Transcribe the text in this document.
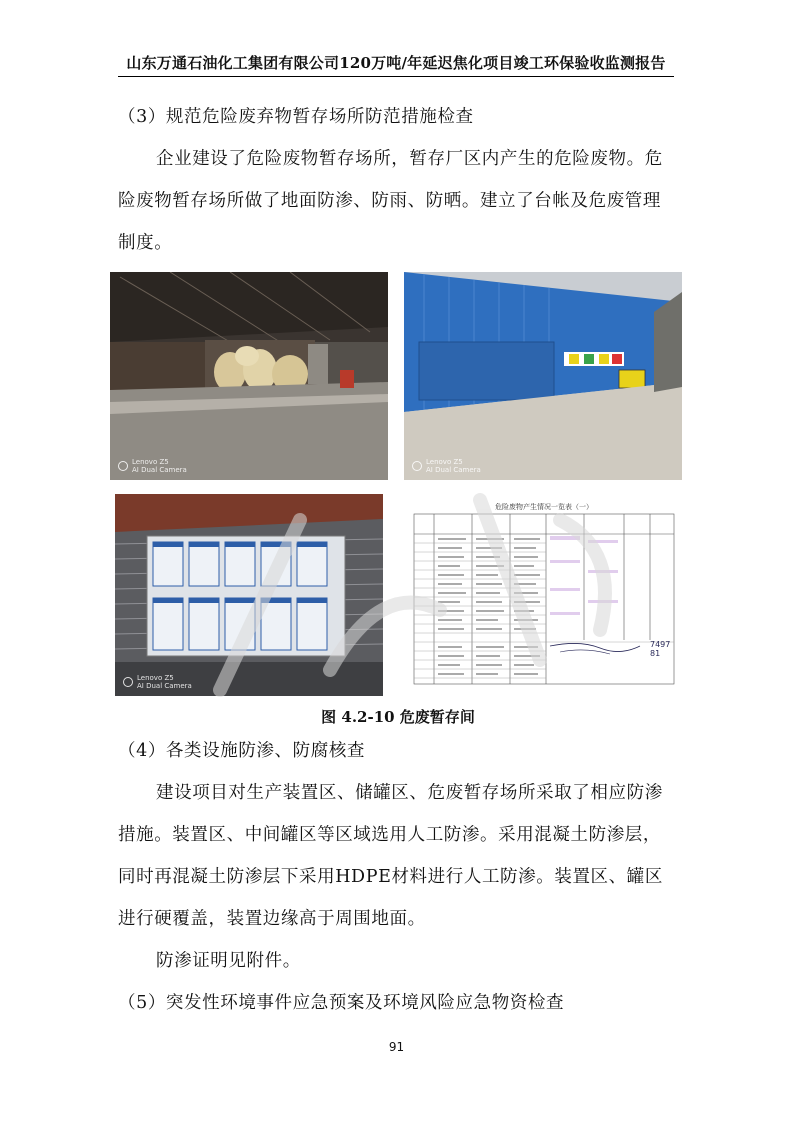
山东万通石油化工集团有限公司120万吨/年延迟焦化项目竣工环保验收监测报告
（3）规范危险废弃物暂存场所防范措施检查
企业建设了危险废物暂存场所，暂存厂区内产生的危险废物。危险废物暂存场所做了地面防渗、防雨、防晒。建立了台帐及危废管理制度。
Lenovo Z5
AI Dual Camera
Lenovo Z5
AI Dual Camera
Lenovo Z5
AI Dual Camera
危险废物产生情况一览表（一）
7497
81
图 4.2-10 危废暂存间
（4）各类设施防渗、防腐核查
建设项目对生产装置区、储罐区、危废暂存场所采取了相应防渗措施。装置区、中间罐区等区域选用人工防渗。采用混凝土防渗层，同时再混凝土防渗层下采用HDPE材料进行人工防渗。装置区、罐区进行硬覆盖，装置边缘高于周围地面。
防渗证明见附件。
（5）突发性环境事件应急预案及环境风险应急物资检查
91
